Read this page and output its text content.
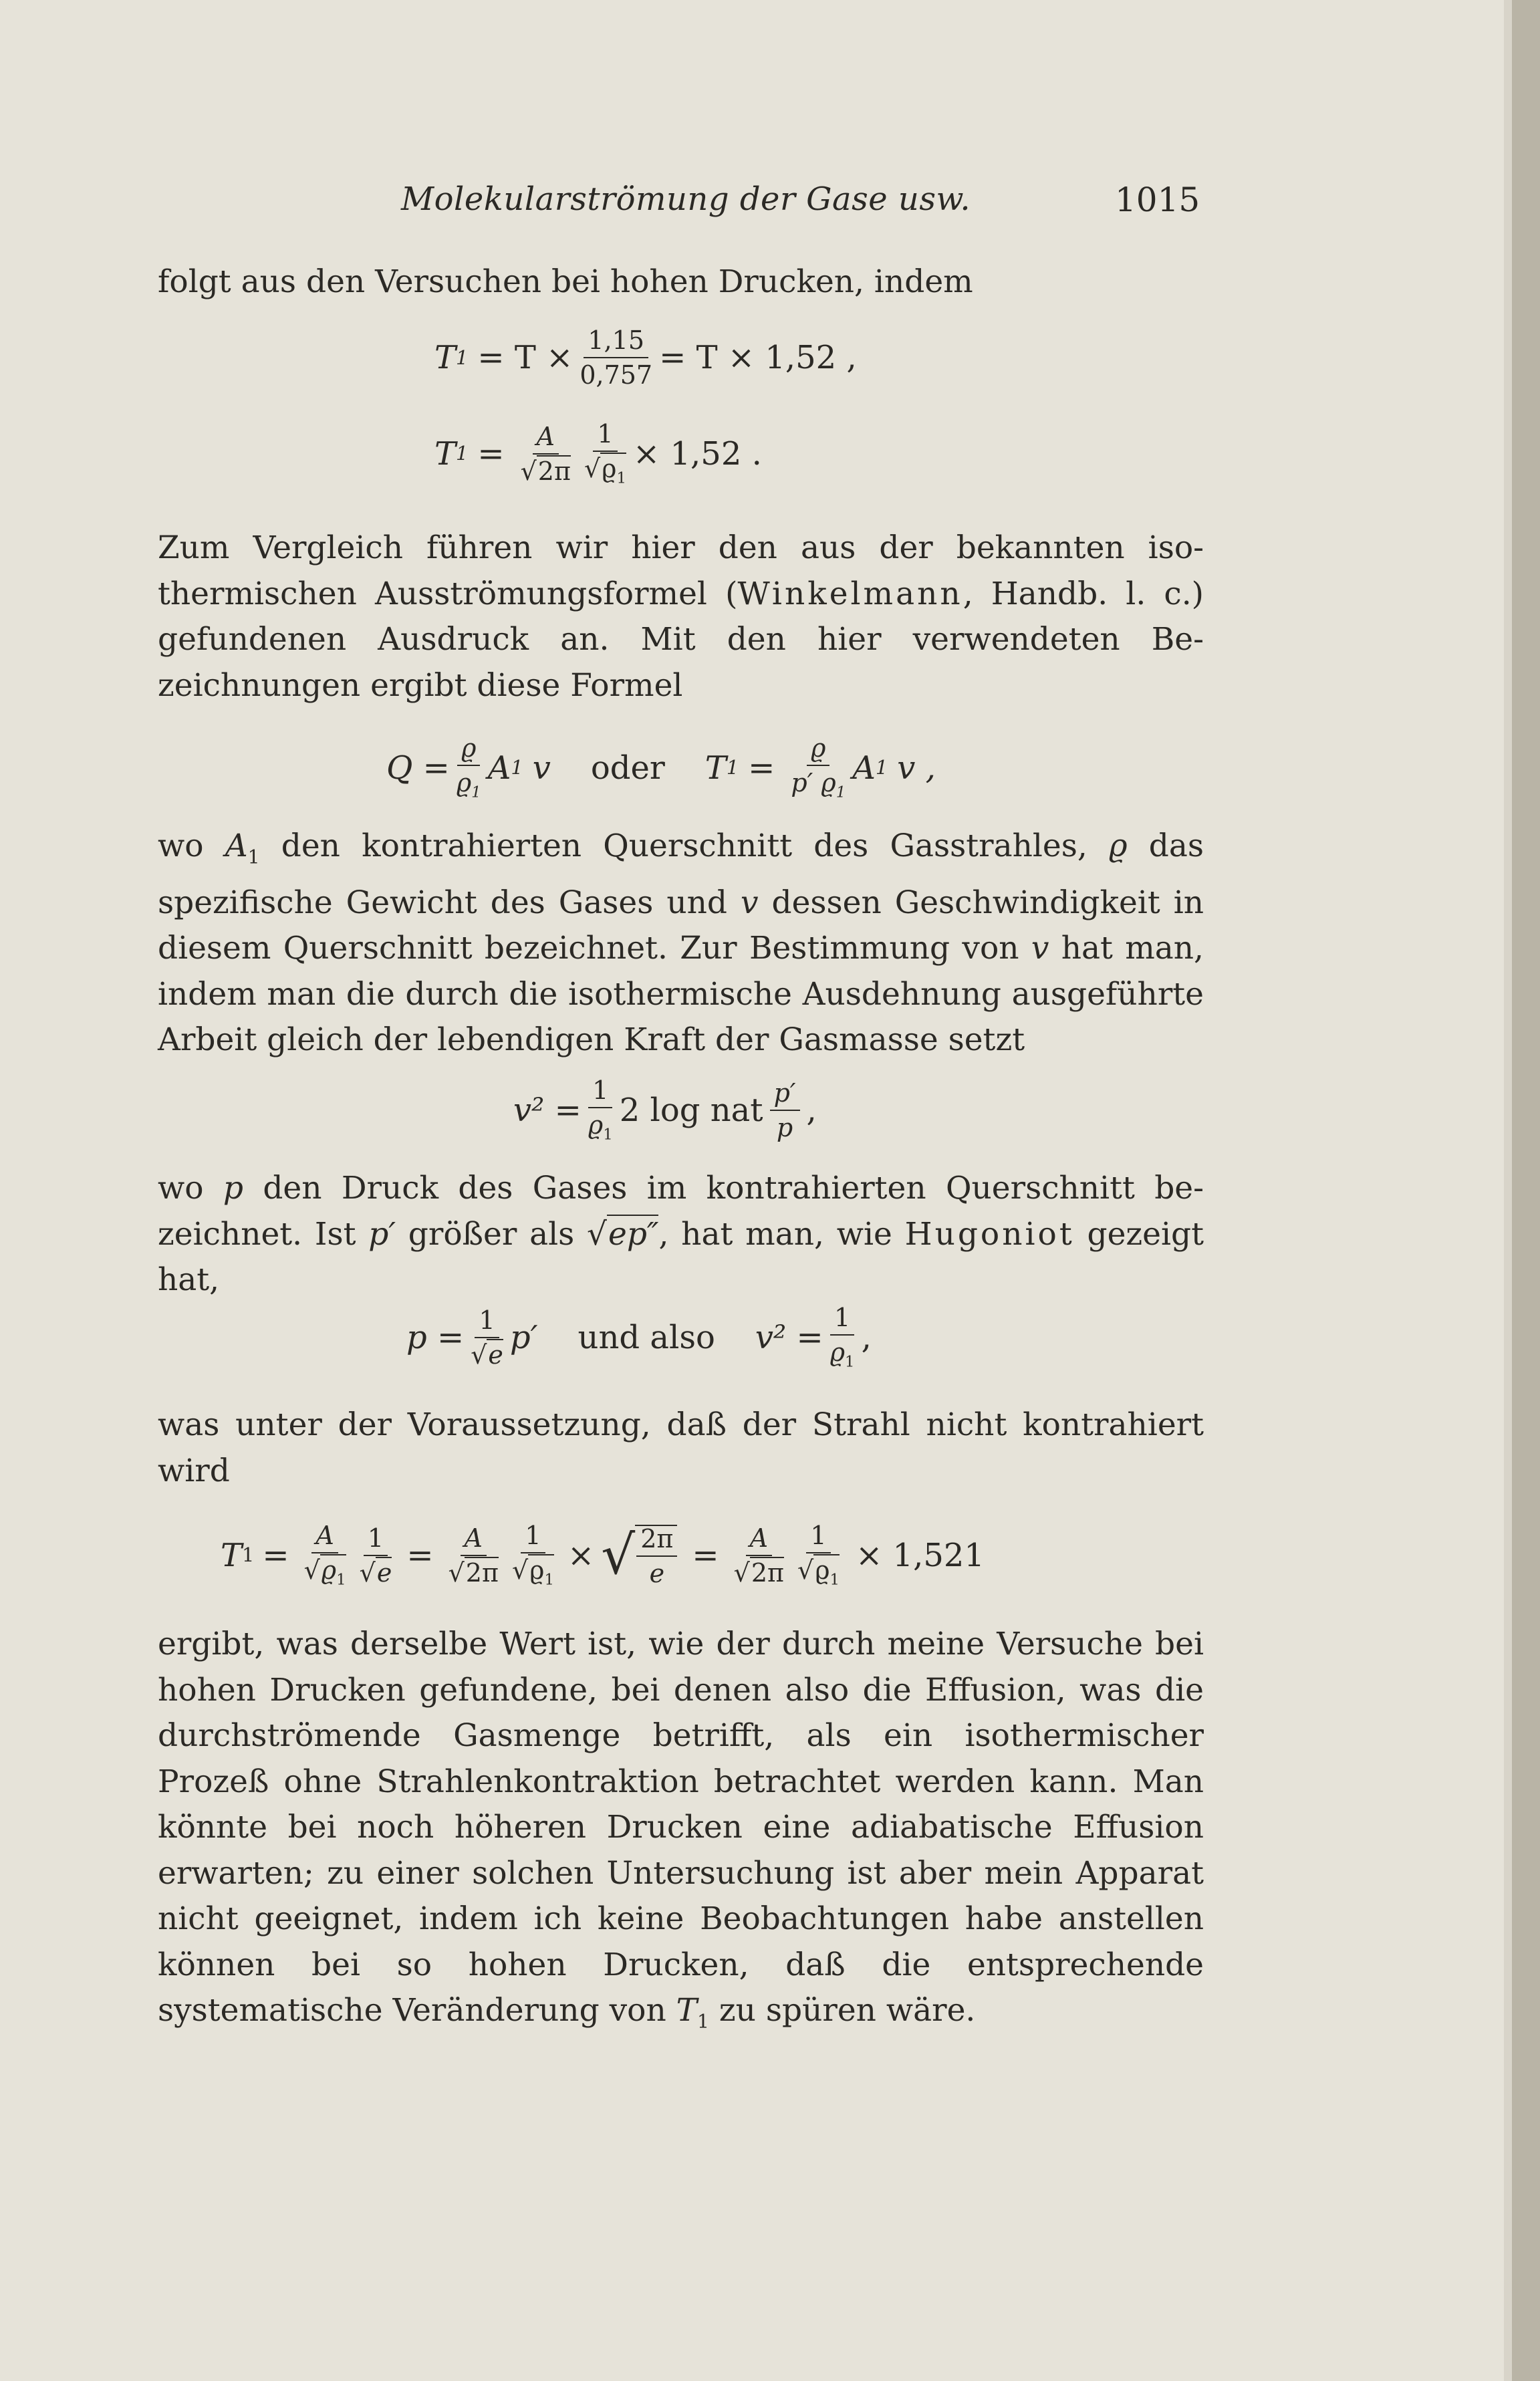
Molekularströmung der Gase usw.	1015

folgt aus den Versuchen bei hohen Drucken, indem

T $1 = T \times \frac{1,15}{0,757} = T \times 1,52$ ,
T $1 = \frac{A}{√2\pi} \frac{1}{√ϱ_1} \times 1,52$ .

Zum Vergleich führen wir hier den aus der bekannten isothermischen Ausströmungsformel (Winkelmann, Handb. l. c.) gefundenen Ausdruck an. Mit den hier verwendeten Bezeichnungen ergibt diese Formel

$Q = \frac{ϱ}{ϱ_1}$ A 1 v oder T $1 = \frac{ϱ}{p' ϱ_1}$ A 1 v ,

wo $A_1$ den kontrahierten Querschnitt des Gasstrahles, ϱ das spezifische Gewicht des Gases und v dessen Geschwindigkeit in diesem Querschnitt bezeichnet. Zur Bestimmung von v hat man, indem man die durch die isothermische Ausdehnung ausgeführte Arbeit gleich der lebendigen Kraft der Gasmasse setzt

$v^2 = \frac{1}{ϱ_1} 2$ log nat $\frac{p'}{p}$ ,

wo p den Druck des Gases im kontrahierten Querschnitt bezeichnet. Ist p′ größer als √ep″, hat man, wie Hugoniot gezeigt hat,

$p = \frac{1}{√e} p'$ und also $v^2 = \frac{1}{ϱ_1}$ ,

was unter der Voraussetzung, daß der Strahl nicht kontrahiert wird

T $1 = \frac{A}{√ϱ_1} \frac{1}{√e} = \frac{A}{√2\pi} \frac{1}{√ϱ_1}$ × √ $\frac{2\pi}{e} = \frac{A}{√2\pi} \frac{1}{√ϱ_1} \times 1,521$

ergibt, was derselbe Wert ist, wie der durch meine Versuche bei hohen Drucken gefundene, bei denen also die Effusion, was die durchströmende Gasmenge betrifft, als ein isothermischer Prozeß ohne Strahlenkontraktion betrachtet werden kann. Man könnte bei noch höheren Drucken eine adiabatische Effusion erwarten; zu einer solchen Untersuchung ist aber mein Apparat nicht geeignet, indem ich keine Beobachtungen habe anstellen können bei so hohen Drucken, daß die entsprechende systematische Veränderung von $T_1$ zu spüren wäre.
